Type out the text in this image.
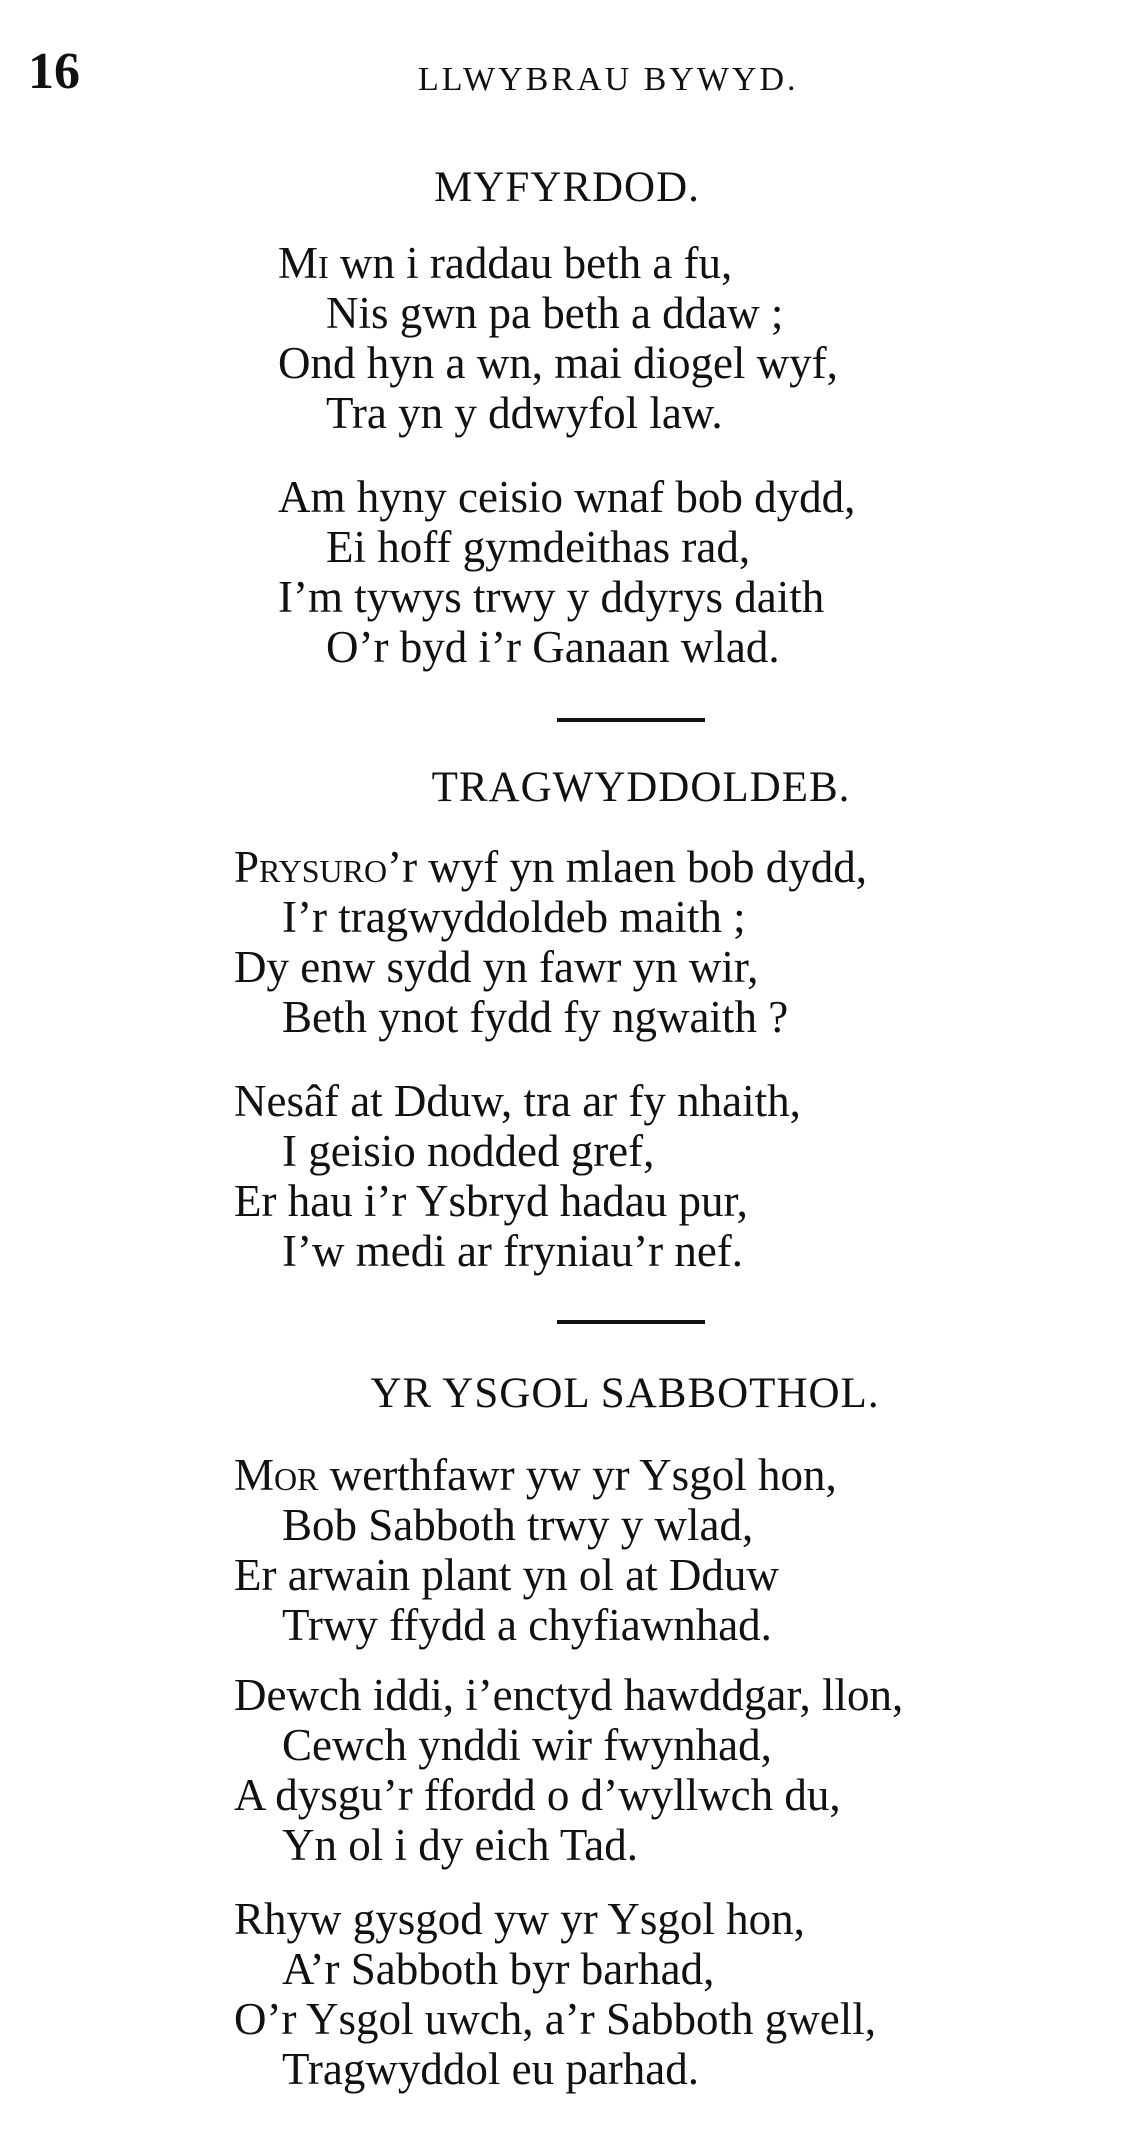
16	LLWYBRAU BYWYD.
MYFYRDOD.
Mi wn i raddau beth a fu,
Nis gwn pa beth a ddaw ;
Ond hyn a wn, mai diogel wyf,
Tra yn y ddwyfol law.
Am hyny ceisio wnaf bob dydd,
Ei hoff gymdeithas rad,
I’m tywys trwy y ddyrys daith
O’r byd i’r Ganaan wlad.
TRAGWYDDOLDEB.
Prysuro’r wyf yn mlaen bob dydd,
I’r tragwyddoldeb maith ;
Dy enw sydd yn fawr yn wir,
Beth ynot fydd fy ngwaith ?
Nesâf at Dduw, tra ar fy nhaith,
I geisio nodded gref,
Er hau i’r Ysbryd hadau pur,
I’w medi ar fryniau’r nef.
YR YSGOL SABBOTHOL.
Mor werthfawr yw yr Ysgol hon,
Bob Sabboth trwy y wlad,
Er arwain plant yn ol at Dduw
Trwy ffydd a chyfiawnhad.
Dewch iddi, i’enctyd hawddgar, llon,
Cewch ynddi wir fwynhad,
A dysgu’r ffordd o d’wyllwch du,
Yn ol i dy eich Tad.
Rhyw gysgod yw yr Ysgol hon,
A’r Sabboth byr barhad,
O’r Ysgol uwch, a’r Sabboth gwell,
Tragwyddol eu parhad.
